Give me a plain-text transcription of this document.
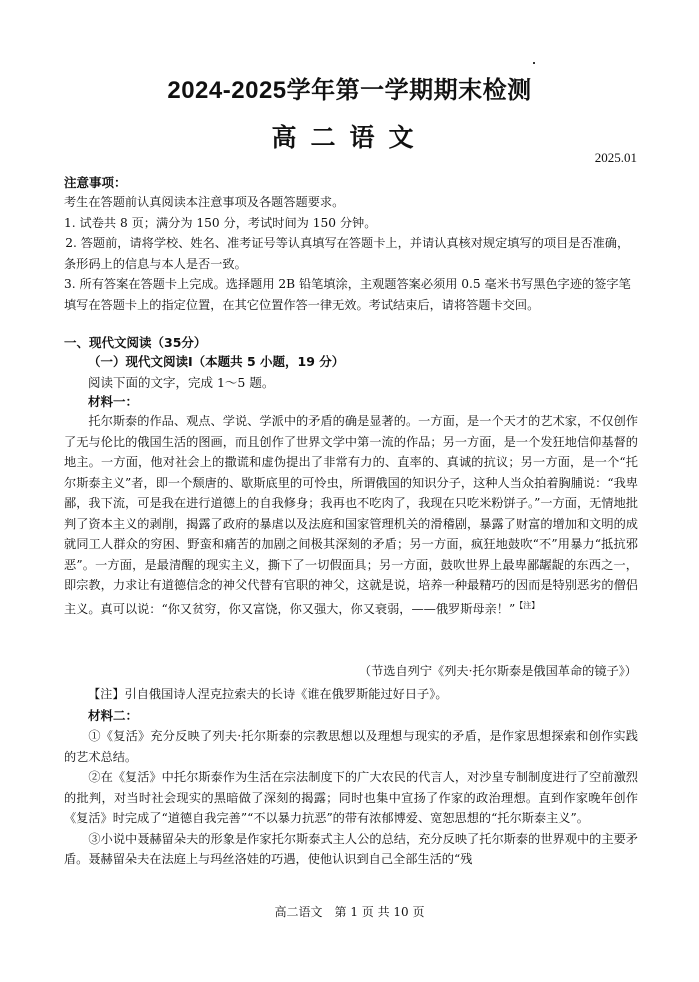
2024-2025学年第一学期期末检测
高二语文
2025.01
注意事项：

考生在答题前认真阅读本注意事项及各题答题要求。

1. 试卷共 8 页；满分为 150 分，考试时间为 150 分钟。

2. 答题前，请将学校、姓名、准考证号等认真填写在答题卡上，并请认真核对规定填写的项目是否准确，条形码上的信息与本人是否一致。

3. 所有答案在答题卡上完成。选择题用 2B 铅笔填涂，主观题答案必须用 0.5 毫米书写黑色字迹的签字笔填写在答题卡上的指定位置，在其它位置作答一律无效。考试结束后，请将答题卡交回。

一、现代文阅读（35分）
（一）现代文阅读Ⅰ（本题共 5 小题，19 分）
阅读下面的文字，完成 1～5 题。
材料一：

托尔斯泰的作品、观点、学说、学派中的矛盾的确是显著的。一方面，是一个天才的艺术家，不仅创作了无与伦比的俄国生活的图画，而且创作了世界文学中第一流的作品；另一方面，是一个发狂地信仰基督的地主。一方面，他对社会上的撒谎和虚伪提出了非常有力的、直率的、真诚的抗议；另一方面，是一个“托尔斯泰主义”者，即一个颓唐的、歇斯底里的可怜虫，所谓俄国的知识分子，这种人当众拍着胸脯说：“我卑鄙，我下流，可是我在进行道德上的自我修身；我再也不吃肉了，我现在只吃米粉饼子。”一方面，无情地批判了资本主义的剥削，揭露了政府的暴虐以及法庭和国家管理机关的滑稽剧，暴露了财富的增加和文明的成就同工人群众的穷困、野蛮和痛苦的加剧之间极其深刻的矛盾；另一方面，疯狂地鼓吹“不”用暴力“抵抗邪恶”。一方面，是最清醒的现实主义，撕下了一切假面具；另一方面，鼓吹世界上最卑鄙龌龊的东西之一，即宗教，力求让有道德信念的神父代替有官职的神父，这就是说，培养一种最精巧的因而是特别恶劣的僧侣主义。真可以说：“你又贫穷，你又富饶，你又强大，你又衰弱，——俄罗斯母亲！”$^{【注】}$

（节选自列宁《列夫·托尔斯泰是俄国革命的镜子》）
【注】引自俄国诗人涅克拉索夫的长诗《谁在俄罗斯能过好日子》。
材料二：

①《复活》充分反映了列夫·托尔斯泰的宗教思想以及理想与现实的矛盾，是作家思想探索和创作实践的艺术总结。

②在《复活》中托尔斯泰作为生活在宗法制度下的广大农民的代言人，对沙皇专制制度进行了空前激烈的批判，对当时社会现实的黑暗做了深刻的揭露；同时也集中宣扬了作家的政治理想。直到作家晚年创作《复活》时完成了“道德自我完善”“不以暴力抗恶”的带有浓郁博爱、宽恕思想的“托尔斯泰主义”。

③小说中聂赫留朵夫的形象是作家托尔斯泰式主人公的总结，充分反映了托尔斯泰的世界观中的主要矛盾。聂赫留朵夫在法庭上与玛丝洛娃的巧遇，使他认识到自己全部生活的“残

高二语文　第 1 页 共 10 页
